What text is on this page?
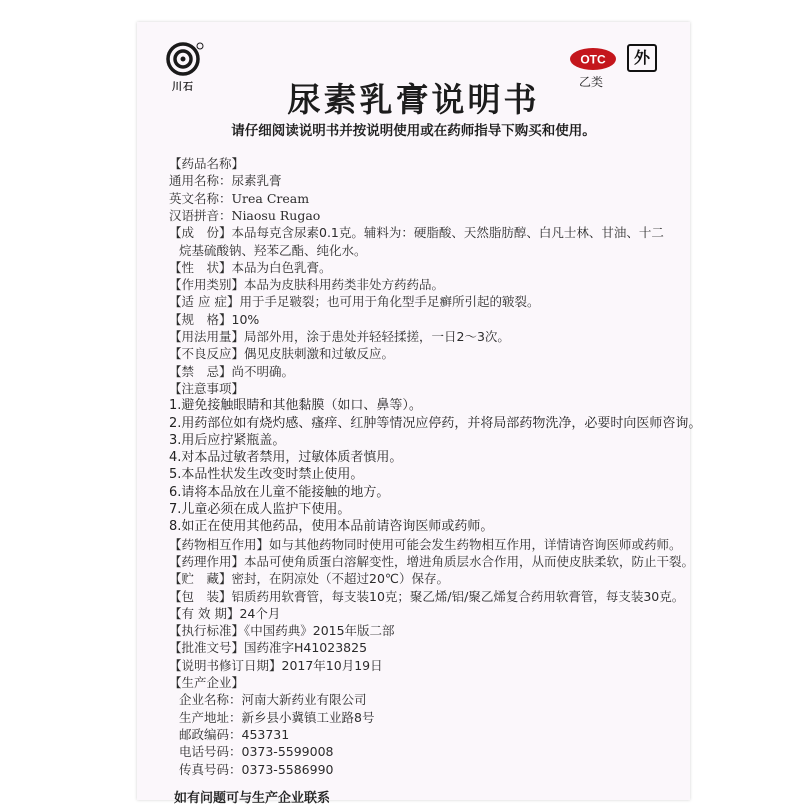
川石
OTC
乙类
外
尿素乳膏说明书
请仔细阅读说明书并按说明使用或在药师指导下购买和使用。
【药品名称】
通用名称：尿素乳膏
英文名称：Urea Cream
汉语拼音：Niaosu Rugao
【成　份】本品每克含尿素0.1克。辅料为：硬脂酸、天然脂肪醇、白凡士林、甘油、十二
烷基硫酸钠、羟苯乙酯、纯化水。
【性　状】本品为白色乳膏。
【作用类别】本品为皮肤科用药类非处方药药品。
【适 应 症】用于手足皲裂；也可用于角化型手足癣所引起的皲裂。
【规　格】10%
【用法用量】局部外用，涂于患处并轻轻揉搓，一日2～3次。
【不良反应】偶见皮肤刺激和过敏反应。
【禁　忌】尚不明确。
【注意事项】
1.避免接触眼睛和其他黏膜（如口、鼻等）。
2.用药部位如有烧灼感、瘙痒、红肿等情况应停药，并将局部药物洗净，必要时向医师咨询。
3.用后应拧紧瓶盖。
4.对本品过敏者禁用，过敏体质者慎用。
5.本品性状发生改变时禁止使用。
6.请将本品放在儿童不能接触的地方。
7.儿童必须在成人监护下使用。
8.如正在使用其他药品，使用本品前请咨询医师或药师。
【药物相互作用】如与其他药物同时使用可能会发生药物相互作用，详情请咨询医师或药师。
【药理作用】本品可使角质蛋白溶解变性，增进角质层水合作用，从而使皮肤柔软，防止干裂。
【贮　藏】密封，在阴凉处（不超过20℃）保存。
【包　装】铝质药用软膏管，每支装10克；聚乙烯/铝/聚乙烯复合药用软膏管，每支装30克。
【有 效 期】24个月
【执行标准】《中国药典》2015年版二部
【批准文号】国药准字H41023825
【说明书修订日期】2017年10月19日
【生产企业】
企业名称：河南大新药业有限公司
生产地址：新乡县小冀镇工业路8号
邮政编码：453731
电话号码：0373-5599008
传真号码：0373-5586990
如有问题可与生产企业联系
